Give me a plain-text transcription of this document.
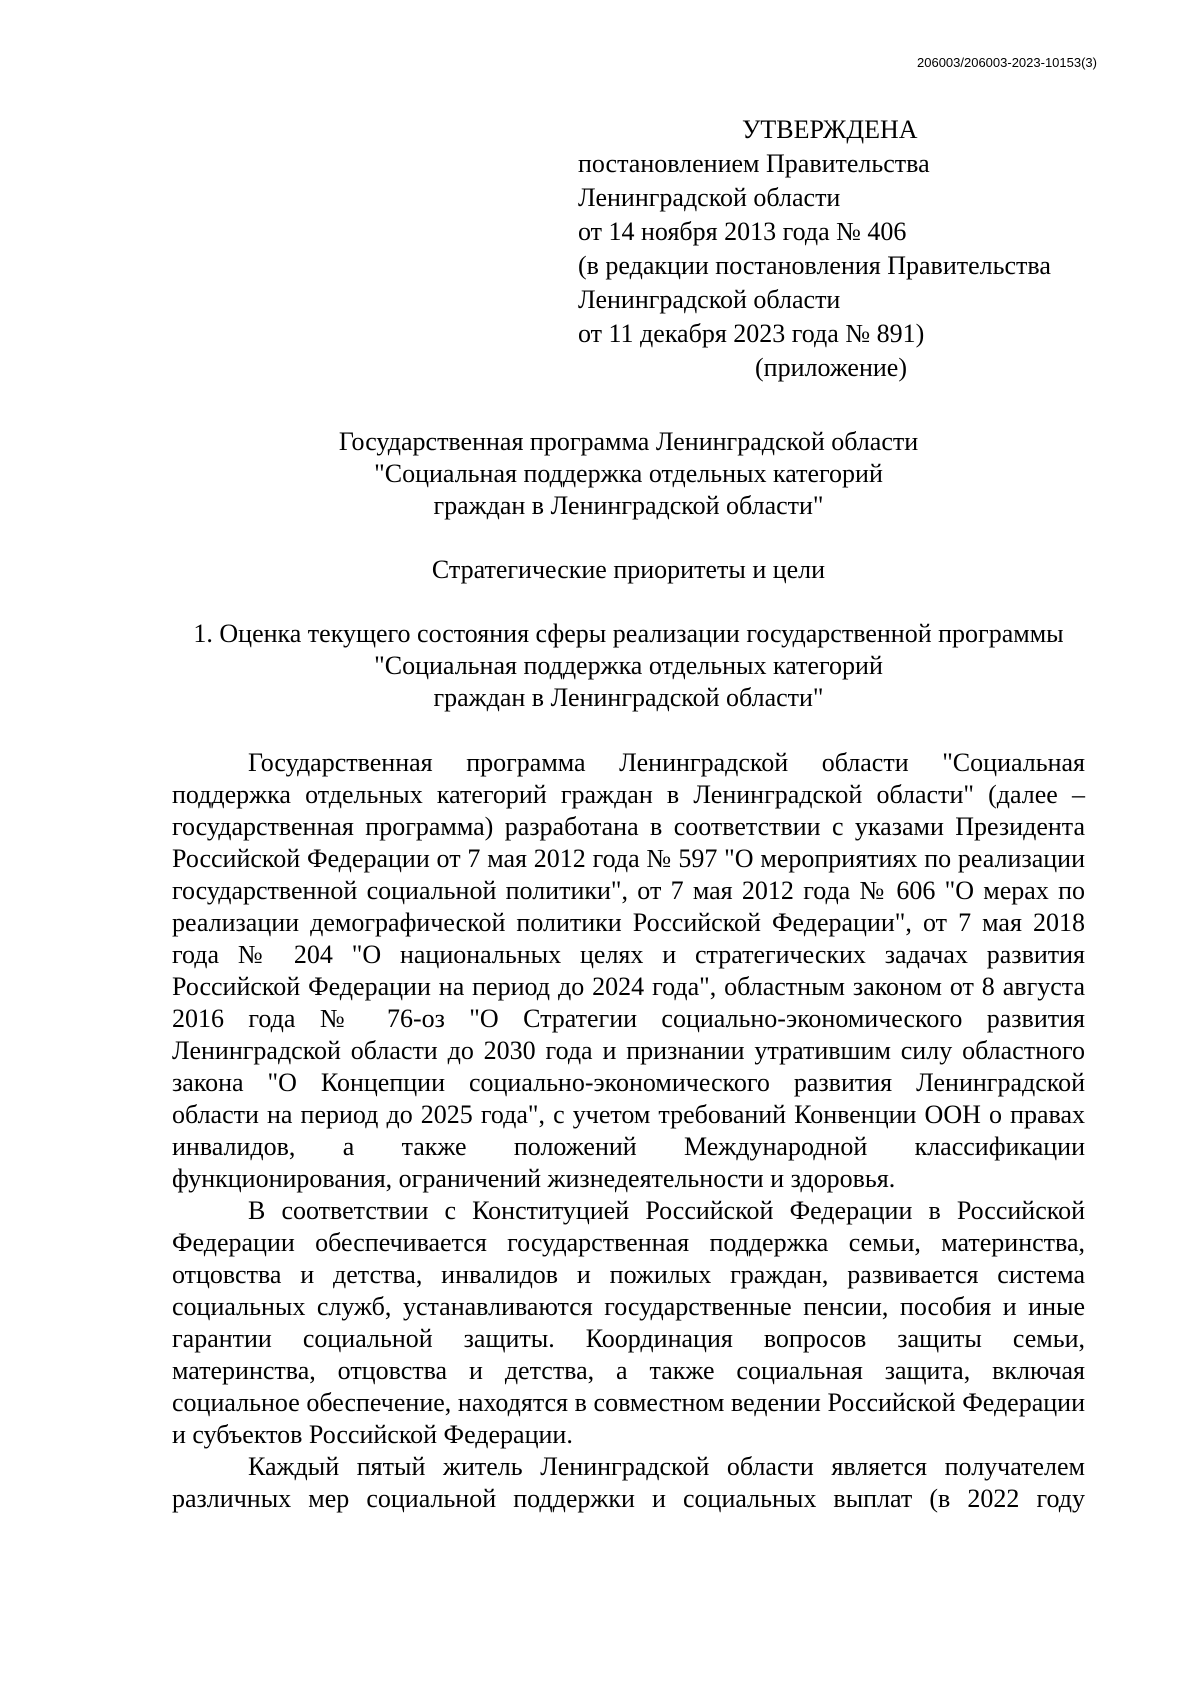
206003/206003-2023-10153(3)
УТВЕРЖДЕНА
постановлением Правительства
Ленинградской области
от 14 ноября 2013 года № 406
(в редакции постановления Правительства
Ленинградской области
от 11 декабря 2023 года № 891)
(приложение)
Государственная программа Ленинградской области
"Социальная поддержка отдельных категорий
граждан в Ленинградской области"
Стратегические приоритеты и цели
1. Оценка текущего состояния сферы реализации государственной программы
"Социальная поддержка отдельных категорий
граждан в Ленинградской области"

Государственная программа Ленинградской области "Социальная поддержка отдельных категорий граждан в Ленинградской области" (далее – государственная программа) разработана в соответствии с указами Президента Российской Федерации от 7 мая 2012 года № 597 "О мероприятиях по реализации государственной социальной политики", от 7 мая 2012 года № 606 "О мерах по реализации демографической политики Российской Федерации", от 7 мая 2018 года № 204 "О национальных целях и стратегических задачах развития Российской Федерации на период до 2024 года", областным законом от 8 августа 2016 года № 76-оз "О Стратегии социально-экономического развития Ленинградской области до 2030 года и признании утратившим силу областного закона "О Концепции социально-экономического развития Ленинградской области на период до 2025 года", с учетом требований Конвенции ООН о правах инвалидов, а также положений Международной классификации функционирования, ограничений жизнедеятельности и здоровья.

В соответствии с Конституцией Российской Федерации в Российской Федерации обеспечивается государственная поддержка семьи, материнства, отцовства и детства, инвалидов и пожилых граждан, развивается система социальных служб, устанавливаются государственные пенсии, пособия и иные гарантии социальной защиты. Координация вопросов защиты семьи, материнства, отцовства и детства, а также социальная защита, включая социальное обеспечение, находятся в совместном ведении Российской Федерации и субъектов Российской Федерации.

Каждый пятый житель Ленинградской области является получателем различных мер социальной поддержки и социальных выплат (в 2022 году
